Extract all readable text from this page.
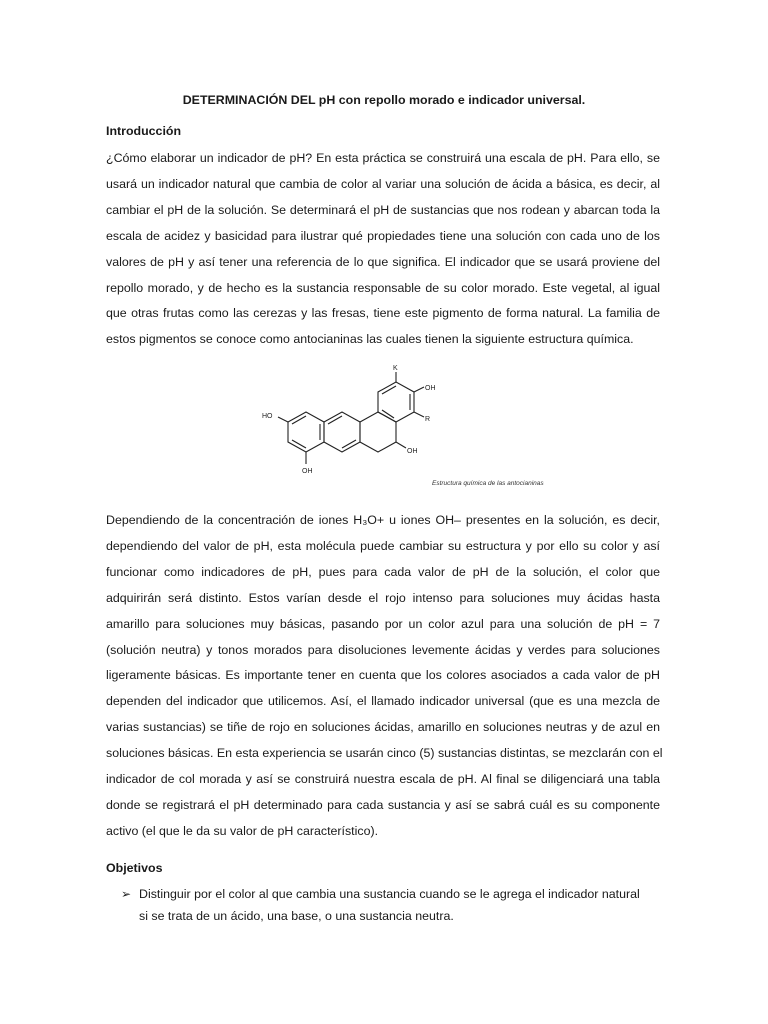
DETERMINACIÓN DEL pH con repollo morado e indicador universal.
Introducción
¿Cómo elaborar un indicador de pH? En esta práctica se construirá una escala de pH. Para ello, se
usará un indicador natural que cambia de color al variar una solución de ácida a básica, es decir, al
cambiar el pH de la solución. Se determinará el pH de sustancias que nos rodean y abarcan toda la
escala de acidez y basicidad para ilustrar qué propiedades tiene una solución con cada uno de los
valores de pH y así tener una referencia de lo que significa. El indicador que se usará proviene del
repollo morado, y de hecho es la sustancia responsable de su color morado. Este vegetal, al igual
que otras frutas como las cerezas y las fresas, tiene este pigmento de forma natural. La familia de
estos pigmentos se conoce como antocianinas las cuales tienen la siguiente estructura química.
K
OH
R
HO
OH
OH
Estructura química de las antocianinas
Dependiendo de la concentración de iones H₃O+ u iones OH– presentes en la solución, es decir,
dependiendo del valor de pH, esta molécula puede cambiar su estructura y por ello su color y así
funcionar como indicadores de pH, pues para cada valor de pH de la solución, el color que
adquirirán será distinto. Estos varían desde el rojo intenso para soluciones muy ácidas hasta
amarillo para soluciones muy básicas, pasando por un color azul para una solución de pH = 7
(solución neutra) y tonos morados para disoluciones levemente ácidas y verdes para soluciones
ligeramente básicas. Es importante tener en cuenta que los colores asociados a cada valor de pH
dependen del indicador que utilicemos. Así, el llamado indicador universal (que es una mezcla de
varias sustancias) se tiñe de rojo en soluciones ácidas, amarillo en soluciones neutras y de azul en
soluciones básicas. En esta experiencia se usarán cinco (5) sustancias distintas, se mezclarán con el
indicador de col morada y así se construirá nuestra escala de pH. Al final se diligenciará una tabla
donde se registrará el pH determinado para cada sustancia y así se sabrá cuál es su componente
activo (el que le da su valor de pH característico).
Objetivos
➢ Distinguir por el color al que cambia una sustancia cuando se le agrega el indicador natural
si se trata de un ácido, una base, o una sustancia neutra.
